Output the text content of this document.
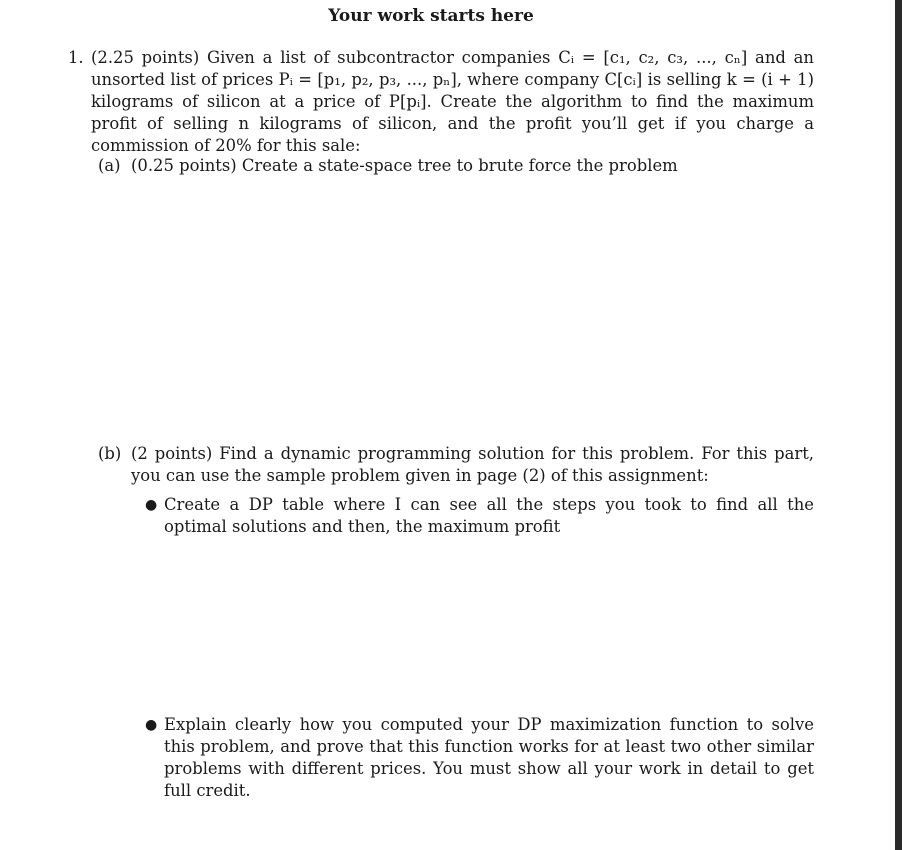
Your work starts here
1. (2.25 points) Given a list of subcontractor companies Cᵢ = [c₁, c₂, c₃, ..., cₙ] and an unsorted list of prices Pᵢ = [p₁, p₂, p₃, ..., pₙ], where company C[cᵢ] is selling k = (i + 1) kilograms of silicon at a price of P[pᵢ]. Create the algorithm to find the maximum profit of selling n kilograms of silicon, and the profit you’ll get if you charge a commission of 20% for this sale:
(a) (0.25 points) Create a state-space tree to brute force the problem
(b) (2 points) Find a dynamic programming solution for this problem. For this part, you can use the sample problem given in page (2) of this assignment:
● Create a DP table where I can see all the steps you took to find all the optimal solutions and then, the maximum profit
● Explain clearly how you computed your DP maximization function to solve this problem, and prove that this function works for at least two other similar problems with different prices. You must show all your work in detail to get full credit.
